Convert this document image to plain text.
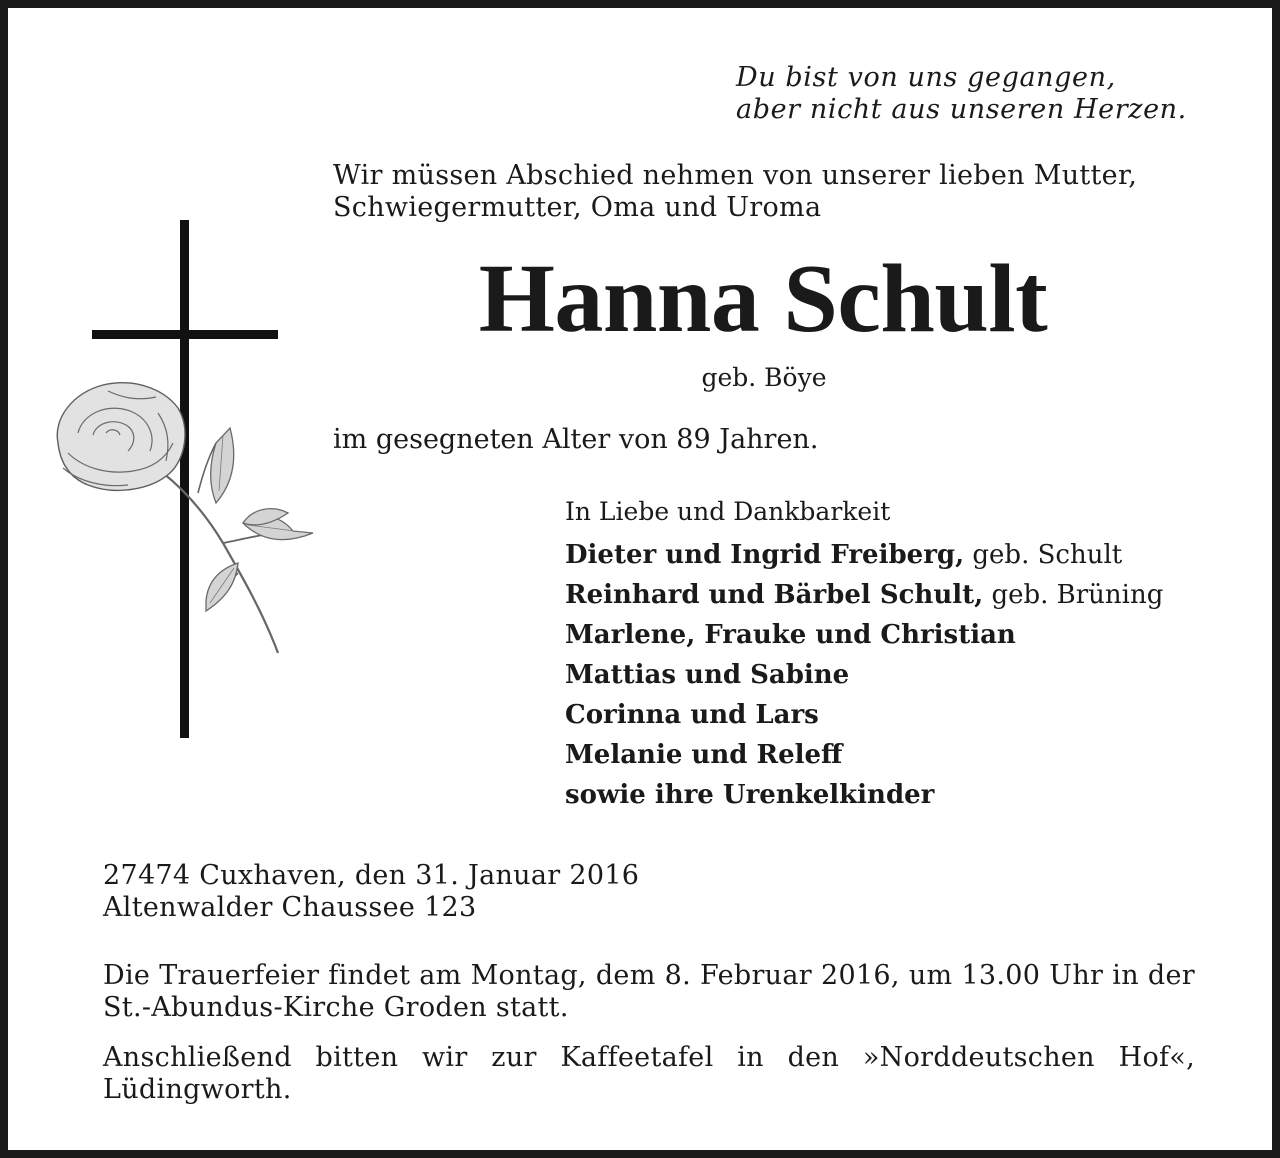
Du bist von uns gegangen,
aber nicht aus unseren Herzen.
Wir müssen Abschied nehmen von unserer lieben Mutter,
Schwiegermutter, Oma und Uroma
Hanna Schult
geb. Böye
im gesegneten Alter von 89 Jahren.
In Liebe und Dankbarkeit
Dieter und Ingrid Freiberg, geb. Schult
Reinhard und Bärbel Schult, geb. Brüning
Marlene, Frauke und Christian
Mattias und Sabine
Corinna und Lars
Melanie und Releff
sowie ihre Urenkelkinder
27474 Cuxhaven, den 31. Januar 2016
Altenwalder Chaussee 123
Die Trauerfeier findet am Montag, dem 8. Februar 2016, um 13.00 Uhr in der St.-Abundus-Kirche Groden statt.
Anschließend bitten wir zur Kaffeetafel in den »Norddeutschen Hof«,
Lüdingworth.
